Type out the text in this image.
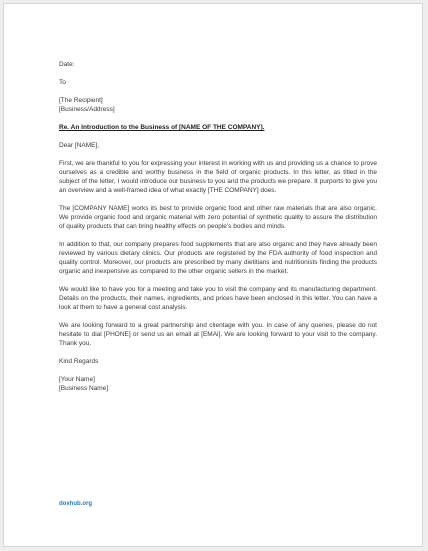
Date:

To

[The Recipient]

[Business/Address]

Re. An Introduction to the Business of [NAME OF THE COMPANY].

Dear [NAME],

First, we are thankful to you for expressing your interest in working with us and providing us a chance to prove ourselves as a credible and worthy business in the field of organic products. In this letter, as titled in the subject of the letter, I would introduce our business to you and the products we prepare. It purports to give you an overview and a well-framed idea of what exactly [THE COMPANY] does.

The [COMPANY NAME] works its best to provide organic food and other raw materials that are also organic. We provide organic food and organic material with zero potential of synthetic quality to assure the distribution of quality products that can bring healthy effects on people's bodies and minds.

In addition to that, our company prepares food supplements that are also organic and they have already been reviewed by various dietary clinics. Our products are registered by the FDA authority of food inspection and quality control. Moreover, our products are prescribed by many dietitians and nutritionists finding the products organic and inexpensive as compared to the other organic sellers in the market.

We would like to have you for a meeting and take you to visit the company and its manufacturing department. Details on the products, their names, ingredients, and prices have been enclosed in this letter. You can have a look at them to have a general cost analysis.

We are looking forward to a great partnership and clientage with you. In case of any queries, please do not hesitate to dial [PHONE] or send us an email at [EMAi]. We are looking forward to your visit to the company. Thank you.

Kind Regards

[Your Name]

[Business Name]

doxhub.org
